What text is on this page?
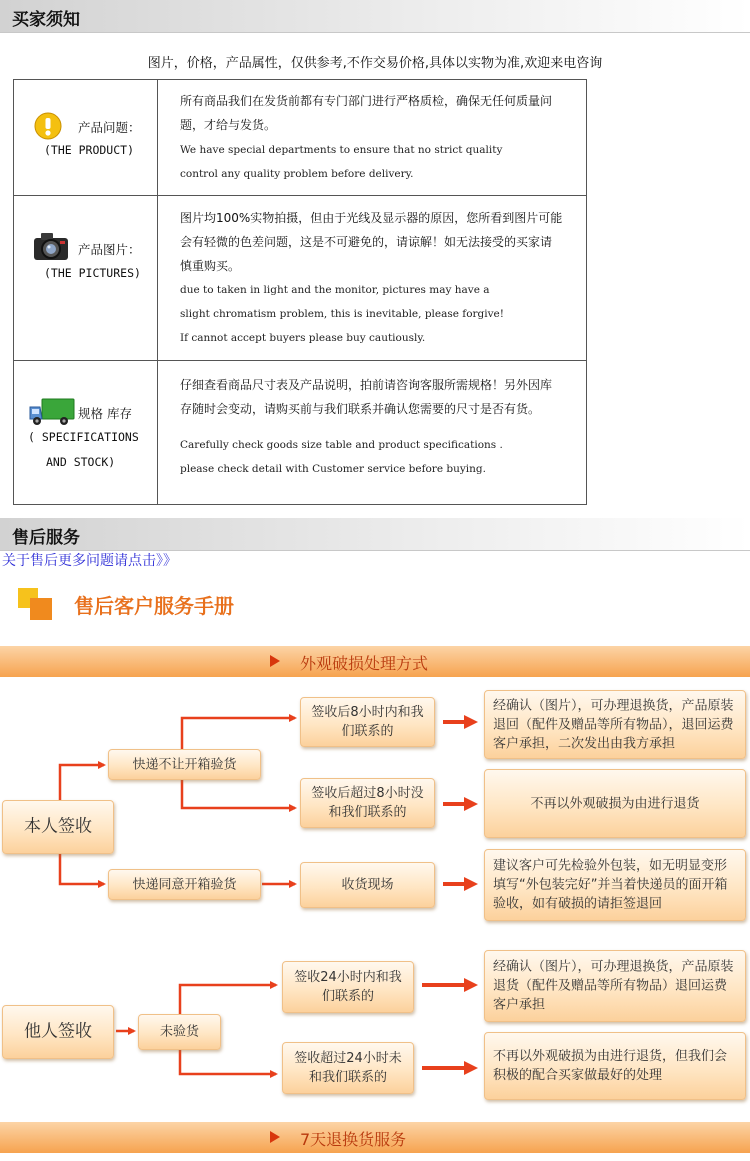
买家须知
图片，价格，产品属性，仅供参考,不作交易价格,具体以实物为准,欢迎来电咨询
产品问题：
(THE PRODUCT)
所有商品我们在发货前都有专门部门进行严格质检，确保无任何质量问
题，才给与发货。
We have special departments to ensure that no strict quality
control any quality problem before delivery.
产品图片：
(THE PICTURES)
图片均100%实物拍摄，但由于光线及显示器的原因，您所看到图片可能
会有轻微的色差问题，这是不可避免的，请谅解！如无法接受的买家请
慎重购买。
due to taken in light and the monitor, pictures may have a
slight chromatism problem, this is inevitable, please forgive!
If cannot accept buyers please buy cautiously.
规格 库存
( SPECIFICATIONS
AND STOCK)
仔细查看商品尺寸表及产品说明，拍前请咨询客服所需规格！另外因库
存随时会变动，请购买前与我们联系并确认您需要的尺寸是否有货。
Carefully check goods size table and product specifications .
please check detail with Customer service before buying.
售后服务
关于售后更多问题请点击》》
售后客户服务手册
外观破损处理方式
本人签收
快递不让开箱验货
快递同意开箱验货
签收后8小时内和我们联系的
签收后超过8小时没和我们联系的
收货现场
经确认（图片），可办理退换货，产品原装退回（配件及赠品等所有物品），退回运费客户承担，二次发出由我方承担
不再以外观破损为由进行退货
建议客户可先检验外包装，如无明显变形填写“外包装完好”并当着快递员的面开箱验收，如有破损的请拒签退回
他人签收	未验货
签收24小时内和我们联系的
签收超过24小时未和我们联系的
经确认（图片），可办理退换货，产品原装退货（配件及赠品等所有物品）退回运费客户承担
不再以外观破损为由进行退货，但我们会积极的配合买家做最好的处理
7天退换货服务
